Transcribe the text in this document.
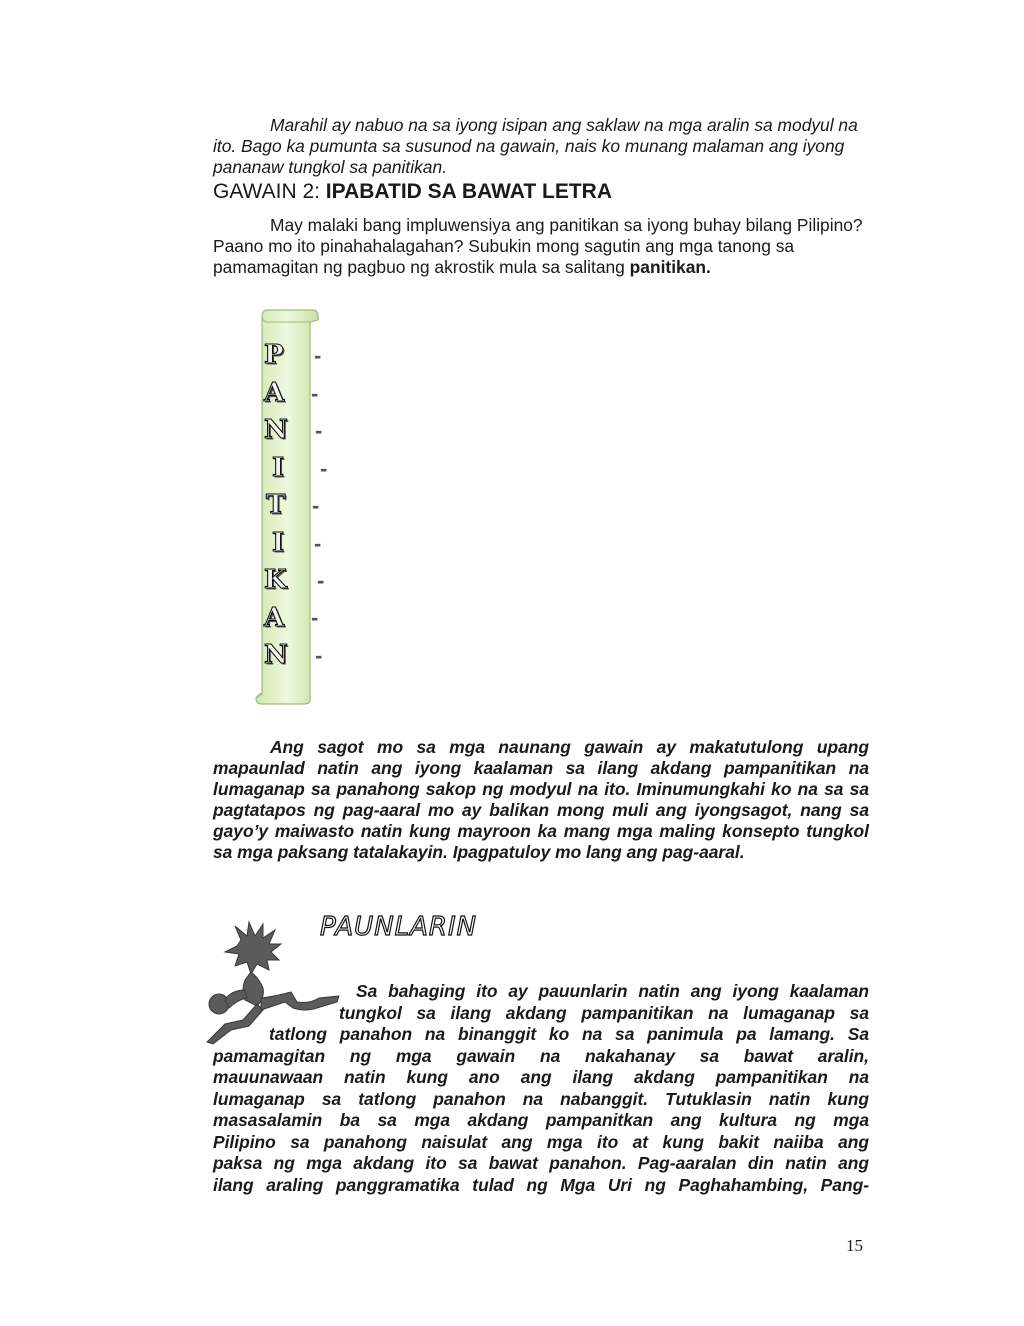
Marahil ay nabuo na sa iyong isipan ang saklaw na mga aralin sa modyul na ito. Bago ka pumunta sa susunod na gawain, nais ko munang malaman ang iyong pananaw tungkol sa panitikan.

GAWAIN 2: IPABATID SA BAWAT LETRA

May malaki bang impluwensiya ang panitikan sa iyong buhay bilang Pilipino? Paano mo ito pinahahalagahan? Subukin mong sagutin ang mga tanong sa pamamagitan ng pagbuo ng akrostik mula sa salitang panitikan.

P
A
N
I
T
I
K
A
N
-
-
-
-
-
-
-
-
-

Ang sagot mo sa mga naunang gawain ay makatutulong upang mapaunlad natin ang iyong kaalaman sa ilang akdang pampanitikan na lumaganap sa panahong sakop ng modyul na ito. Iminumungkahi ko na sa sa pagtatapos ng pag-aaral mo ay balikan mong muli ang iyongsagot, nang sa gayo’y maiwasto natin kung mayroon ka mang mga maling konsepto tungkol sa mga paksang tatalakayin. Ipagpatuloy mo lang ang pag-aaral.

PAUNLARIN

Sa bahaging ito ay pauunlarin natin ang iyong kaalaman
tungkol sa ilang akdang pampanitikan na lumaganap sa
tatlong panahon na binanggit ko na sa panimula pa lamang. Sa
pamamagitan ng mga gawain na nakahanay sa bawat aralin,
mauunawaan natin kung ano ang ilang akdang pampanitikan na
lumaganap sa tatlong panahon na nabanggit. Tutuklasin natin kung
masasalamin ba sa mga akdang pampanitkan ang kultura ng mga
Pilipino sa panahong naisulat ang mga ito at kung bakit naiiba ang
paksa ng mga akdang ito sa bawat panahon. Pag-aaralan din natin ang
ilang araling panggramatika tulad ng Mga Uri ng Paghahambing, Pang-

15
